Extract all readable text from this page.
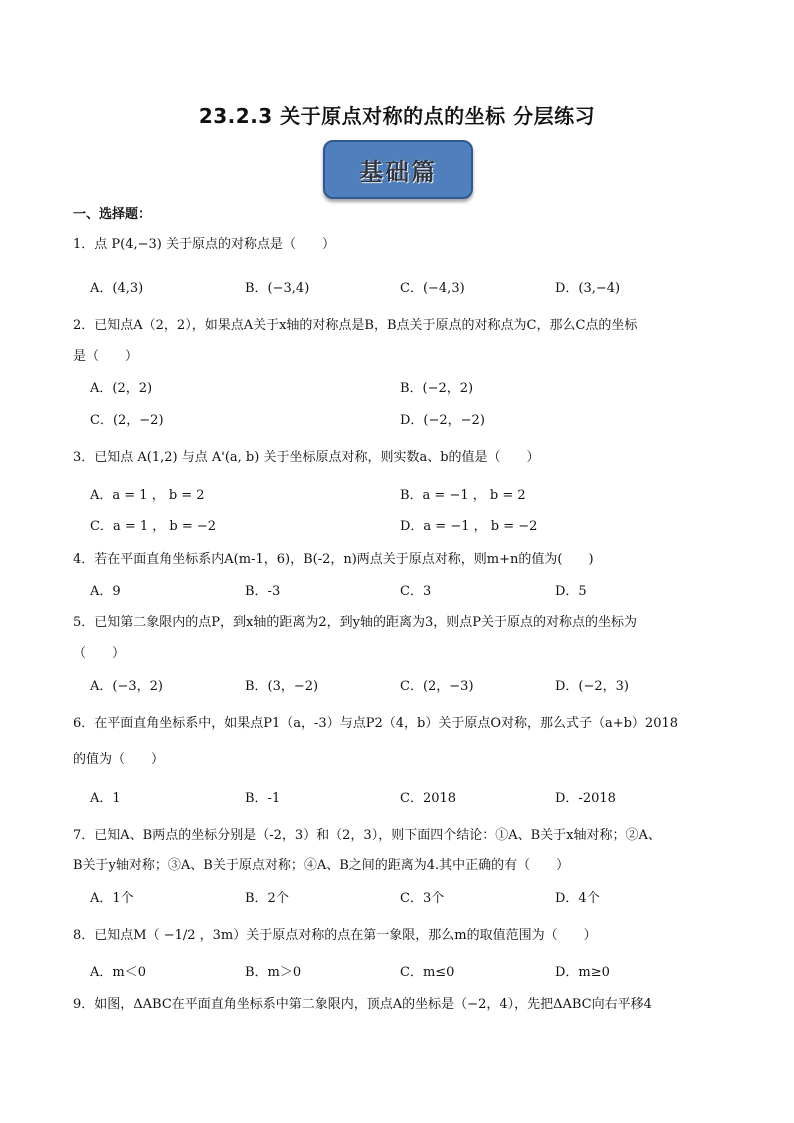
23.2.3 关于原点对称的点的坐标 分层练习
基础篇
一、选择题：
1．点 P(4,−3) 关于原点的对称点是（　　）
A．(4,3)	B．(−3,4)	C．(−4,3)	D．(3,−4)
2．已知点A（2，2），如果点A关于x轴的对称点是B，B点关于原点的对称点为C，那么C点的坐标
是（　　）
A．(2，2)	B．(−2，2)
C．(2，−2)	D．(−2，−2)
3．已知点 A(1,2) 与点 A'(a, b) 关于坐标原点对称，则实数a、b的值是（　　）
A．a = 1 ， b = 2	B．a = −1 ， b = 2
C．a = 1 ， b = −2	D．a = −1 ， b = −2
4．若在平面直角坐标系内A(m-1，6)，B(-2，n)两点关于原点对称，则m+n的值为(　　)
A．9	B．-3	C．3	D．5
5．已知第二象限内的点P，到x轴的距离为2，到y轴的距离为3，则点P关于原点的对称点的坐标为
（　　）
A．(−3，2)	B．(3，−2)	C．(2，−3)	D．(−2，3)
6．在平面直角坐标系中，如果点P1（a，-3）与点P2（4，b）关于原点O对称，那么式子（a+b）2018
的值为（　　）
A．1	B．-1	C．2018	D．-2018
7．已知A、B两点的坐标分别是（-2，3）和（2，3），则下面四个结论：①A、B关于x轴对称；②A、
B关于y轴对称；③A、B关于原点对称；④A、B之间的距离为4.其中正确的有（　　）
A．1个	B．2个	C．3个	D．4个
8．已知点M（ −1/2 ，3m）关于原点对称的点在第一象限，那么m的取值范围为（　　）
A．m＜0	B．m＞0	C．m≤0	D．m≥0
9．如图，ΔABC在平面直角坐标系中第二象限内，顶点A的坐标是（−2，4），先把ΔABC向右平移4
